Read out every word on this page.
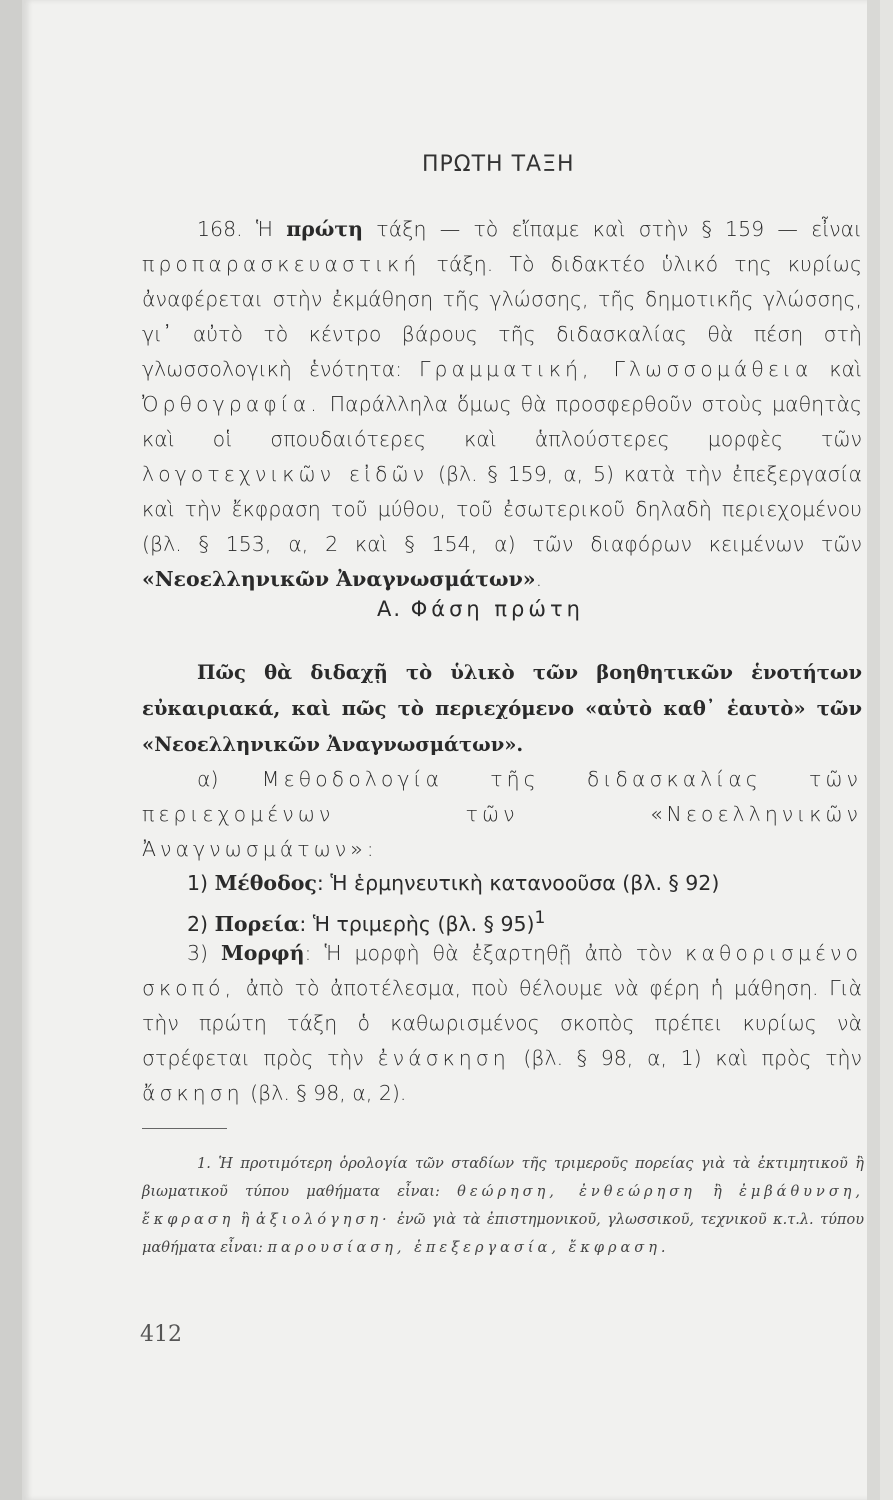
ΠΡΩΤΗ ΤΑΞΗ

168. Ἡ πρώτη τάξη — τὸ εἴπαμε καὶ στὴν § 159 — εἶναι προπαρασκευαστική τάξη. Τὸ διδακτέο ὑλικό της κυρίως ἀναφέρεται στὴν ἐκμάθηση τῆς γλώσσης, τῆς δημοτικῆς γλώσσης, γι᾽ αὐτὸ τὸ κέντρο βάρους τῆς διδασκαλίας θὰ πέση στὴ γλωσσολογικὴ ἑνότητα: Γραμματική, Γλωσσομάθεια καὶ Ὀρθογραφία. Παράλληλα ὅμως θὰ προσφερθοῦν στοὺς μαθητὰς καὶ οἱ σπουδαιότερες καὶ ἁπλούστερες μορφὲς τῶν λογοτεχνικῶν εἰδῶν (βλ. § 159, α, 5) κατὰ τὴν ἐπεξεργασία καὶ τὴν ἔκφραση τοῦ μύθου, τοῦ ἐσωτερικοῦ δηλαδὴ περιεχομένου (βλ. § 153, α, 2 καὶ § 154, α) τῶν διαφόρων κειμένων τῶν «Νεοελληνικῶν Ἀναγνωσμάτων».

Α. Φάση πρώτη

Πῶς θὰ διδαχῇ τὸ ὑλικὸ τῶν βοηθητικῶν ἑνοτήτων εὐκαιριακά, καὶ πῶς τὸ περιεχόμενο «αὐτὸ καθ᾽ ἑαυτὸ» τῶν «Νεοελληνικῶν Ἀναγνωσμάτων».

α) Μεθοδολογία τῆς διδασκαλίας τῶν περιεχομένων τῶν «Νεοελληνικῶν Ἀναγνωσμάτων»:

1) Μέθοδος: Ἡ ἑρμηνευτικὴ κατανοοῦσα (βλ. § 92)
2) Πορεία: Ἡ τριμερὴς (βλ. § 95)$^1$

3) Μορφή: Ἡ μορφὴ θὰ ἐξαρτηθῇ ἀπὸ τὸν καθορισμένο σκοπό, ἀπὸ τὸ ἀποτέλεσμα, ποὺ θέλουμε νὰ φέρη ἡ μάθηση. Γιὰ τὴν πρώτη τάξη ὁ καθωρισμένος σκοπὸς πρέπει κυρίως νὰ στρέφεται πρὸς τὴν ἐνάσκηση (βλ. § 98, α, 1) καὶ πρὸς τὴν ἄσκηση (βλ. § 98, α, 2).

1. Ἡ προτιμότερη ὁρολογία τῶν σταδίων τῆς τριμεροῦς πορείας γιὰ τὰ ἐκτιμητικοῦ ἢ βιωματικοῦ τύπου μαθήματα εἶναι: θεώρηση, ἐνθεώρηση ἢ ἐμβάθυνση, ἔκφραση ἢ ἀξιολόγηση· ἐνῶ γιὰ τὰ ἐπιστημονικοῦ, γλωσσικοῦ, τεχνικοῦ κ.τ.λ. τύπου μαθήματα εἶναι: παρουσίαση, ἐπεξεργασία, ἔκφραση.
412
